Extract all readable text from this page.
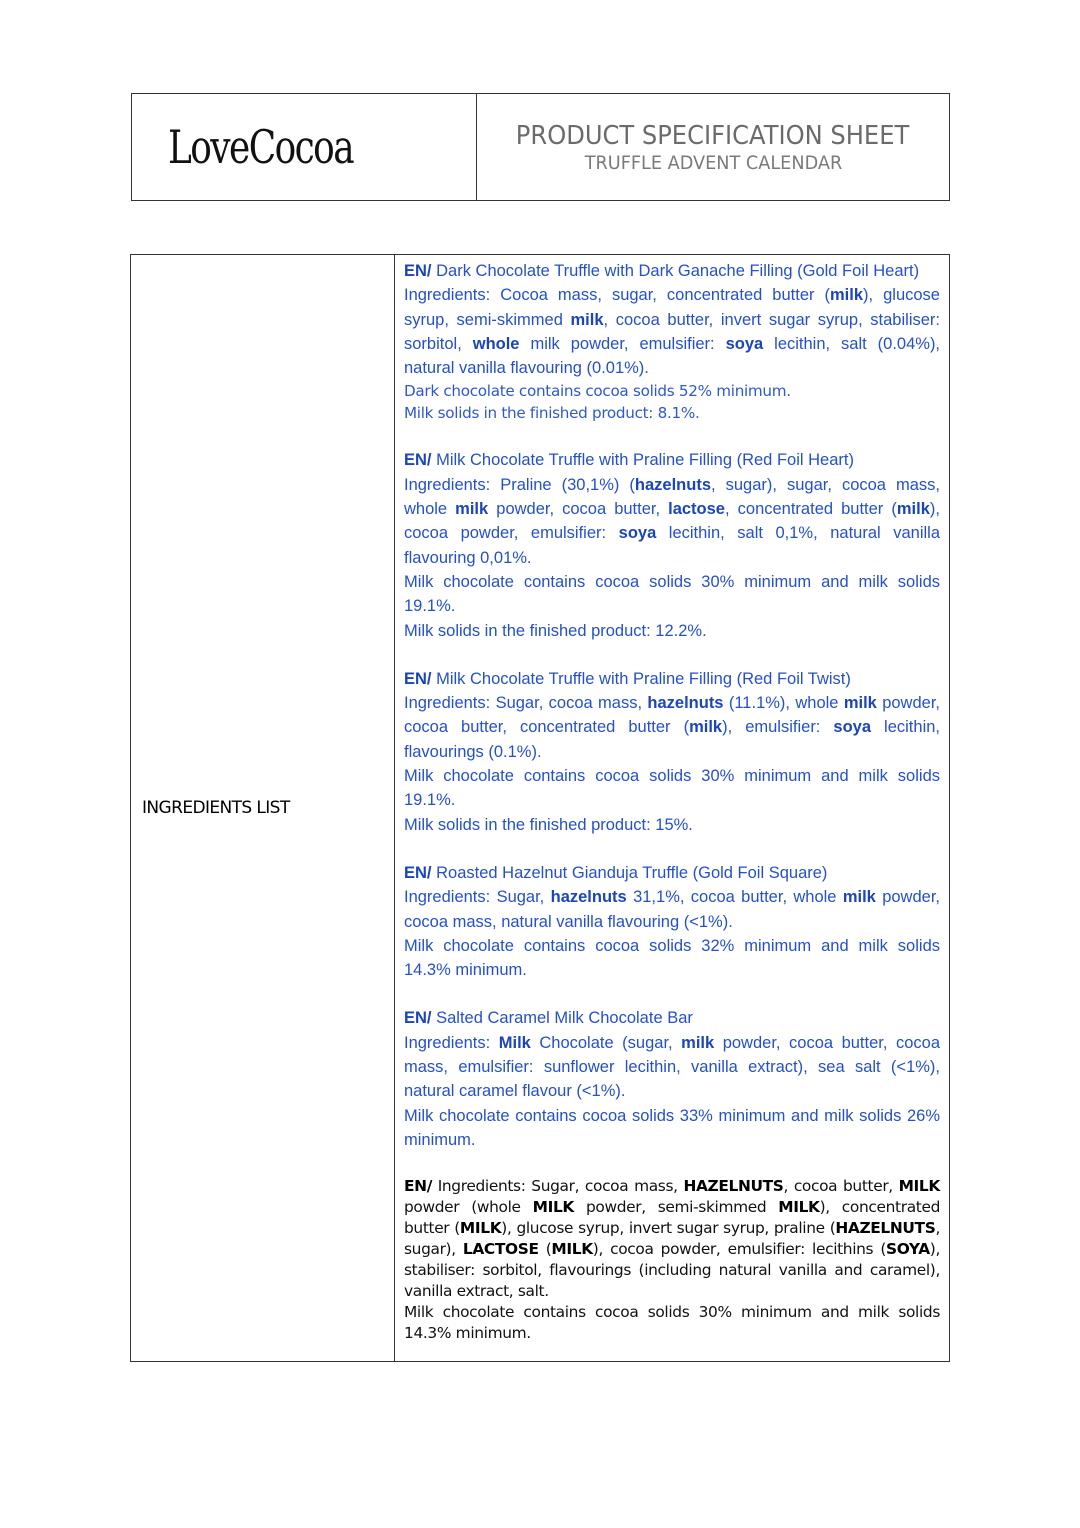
LoveCocoa	PRODUCT SPECIFICATION SHEET
TRUFFLE ADVENT CALENDAR
INGREDIENTS LIST

EN/ Dark Chocolate Truffle with Dark Ganache Filling (Gold Foil Heart)

Ingredients: Cocoa mass, sugar, concentrated butter (milk), glucose syrup, semi-skimmed milk, cocoa butter, invert sugar syrup, stabiliser: sorbitol, whole milk powder, emulsifier: soya lecithin, salt (0.04%), natural vanilla flavouring (0.01%).

Dark chocolate contains cocoa solids 52% minimum.

Milk solids in the finished product: 8.1%.

EN/ Milk Chocolate Truffle with Praline Filling (Red Foil Heart)

Ingredients: Praline (30,1%) (hazelnuts, sugar), sugar, cocoa mass, whole milk powder, cocoa butter, lactose, concentrated butter (milk), cocoa powder, emulsifier: soya lecithin, salt 0,1%, natural vanilla flavouring 0,01%.

Milk chocolate contains cocoa solids 30% minimum and milk solids 19.1%.

Milk solids in the finished product: 12.2%.

EN/ Milk Chocolate Truffle with Praline Filling (Red Foil Twist)

Ingredients: Sugar, cocoa mass, hazelnuts (11.1%), whole milk powder, cocoa butter, concentrated butter (milk), emulsifier: soya lecithin, flavourings (0.1%).

Milk chocolate contains cocoa solids 30% minimum and milk solids 19.1%.

Milk solids in the finished product: 15%.

EN/ Roasted Hazelnut Gianduja Truffle (Gold Foil Square)

Ingredients: Sugar, hazelnuts 31,1%, cocoa butter, whole milk powder, cocoa mass, natural vanilla flavouring (<1%).

Milk chocolate contains cocoa solids 32% minimum and milk solids 14.3% minimum.

EN/ Salted Caramel Milk Chocolate Bar

Ingredients: Milk Chocolate (sugar, milk powder, cocoa butter, cocoa mass, emulsifier: sunflower lecithin, vanilla extract), sea salt (<1%), natural caramel flavour (<1%).

Milk chocolate contains cocoa solids 33% minimum and milk solids 26% minimum.

EN/ Ingredients: Sugar, cocoa mass, HAZELNUTS, cocoa butter, MILK powder (whole MILK powder, semi-skimmed MILK), concentrated butter (MILK), glucose syrup, invert sugar syrup, praline (HAZELNUTS, sugar), LACTOSE (MILK), cocoa powder, emulsifier: lecithins (SOYA), stabiliser: sorbitol, flavourings (including natural vanilla and caramel), vanilla extract, salt.

Milk chocolate contains cocoa solids 30% minimum and milk solids 14.3% minimum.
